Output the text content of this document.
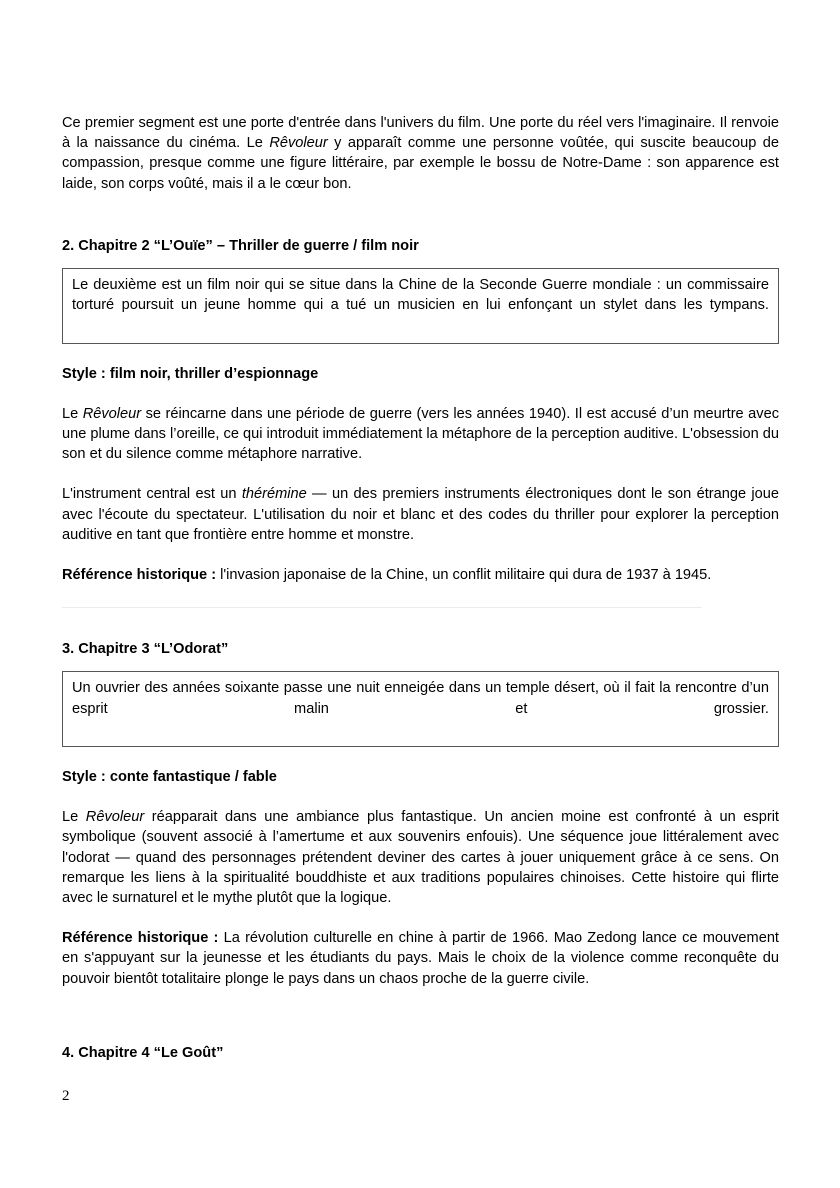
Ce premier segment est une porte d'entrée dans l'univers du film. Une porte du réel vers l'imaginaire. Il renvoie à la naissance du cinéma. Le Rêvoleur y apparaît comme une personne voûtée, qui suscite beaucoup de compassion, presque comme une figure littéraire, par exemple le bossu de Notre-Dame : son apparence est laide, son corps voûté, mais il a le cœur bon.

2. Chapitre 2 “L’Ouïe” – Thriller de guerre / film noir

Le deuxième est un film noir qui se situe dans la Chine de la Seconde Guerre mondiale : un commissaire torturé poursuit un jeune homme qui a tué un musicien en lui enfonçant un stylet dans les tympans.

Style : film noir, thriller d’espionnage

Le Rêvoleur se réincarne dans une période de guerre (vers les années 1940). Il est accusé d’un meurtre avec une plume dans l’oreille, ce qui introduit immédiatement la métaphore de la perception auditive. L'obsession du son et du silence comme métaphore narrative.

L'instrument central est un thérémine — un des premiers instruments électroniques dont le son étrange joue avec l'écoute du spectateur. L'utilisation du noir et blanc et des codes du thriller pour explorer la perception auditive en tant que frontière entre homme et monstre.

Référence historique : l'invasion japonaise de la Chine, un conflit militaire qui dura de 1937 à 1945.

3. Chapitre 3 “L’Odorat”

Un ouvrier des années soixante passe une nuit enneigée dans un temple désert, où il fait la rencontre d’un esprit malin et grossier.

Style : conte fantastique / fable

Le Rêvoleur réapparait dans une ambiance plus fantastique. Un ancien moine est confronté à un esprit symbolique (souvent associé à l’amertume et aux souvenirs enfouis). Une séquence joue littéralement avec l'odorat — quand des personnages prétendent deviner des cartes à jouer uniquement grâce à ce sens. On remarque les liens à la spiritualité bouddhiste et aux traditions populaires chinoises. Cette histoire qui flirte avec le surnaturel et le mythe plutôt que la logique.

Référence historique : La révolution culturelle en chine à partir de 1966. Mao Zedong lance ce mouvement en s'appuyant sur la jeunesse et les étudiants du pays. Mais le choix de la violence comme reconquête du pouvoir bientôt totalitaire plonge le pays dans un chaos proche de la guerre civile.

4. Chapitre 4 “Le Goût”
2
